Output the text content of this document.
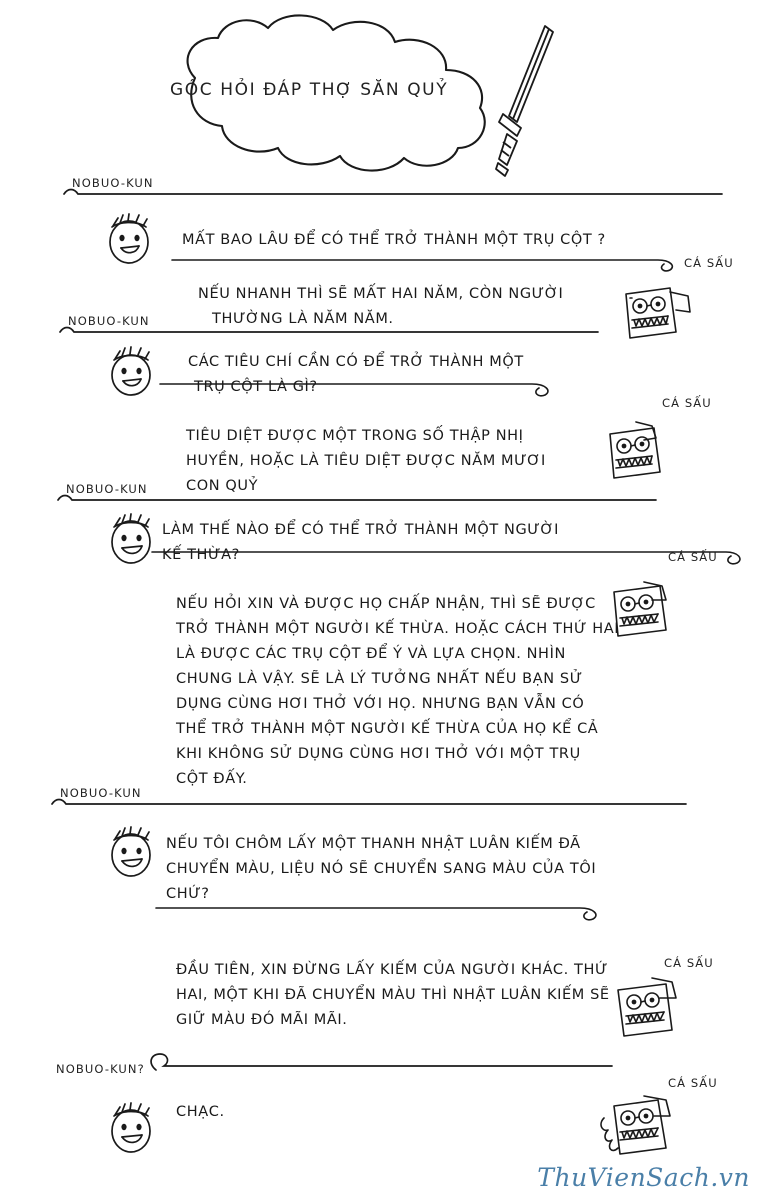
GÓC HỎI ĐÁP THỢ SĂN QUỶ
NOBUO-KUN
MẤT BAO LÂU ĐỂ CÓ THỂ TRỞ THÀNH MỘT TRỤ CỘT ?
CÁ SẤU
NẾU NHANH THÌ SẼ MẤT HAI NĂM, CÒN NGƯỜI
THƯỜNG LÀ NĂM NĂM.
NOBUO-KUN
CÁC TIÊU CHÍ CẦN CÓ ĐỂ TRỞ THÀNH MỘT
TRỤ CỘT LÀ GÌ?
CÁ SẤU
TIÊU DIỆT ĐƯỢC MỘT TRONG SỐ THẬP NHỊ
HUYỀN, HOẶC LÀ TIÊU DIỆT ĐƯỢC NĂM MƯƠI
CON QUỶ
NOBUO-KUN
LÀM THẾ NÀO ĐỂ CÓ THỂ TRỞ THÀNH MỘT NGƯỜI
KẾ THỪA?	CÁ SẤU
NẾU HỎI XIN VÀ ĐƯỢC HỌ CHẤP NHẬN, THÌ SẼ ĐƯỢC
TRỞ THÀNH MỘT NGƯỜI KẾ THỪA. HOẶC CÁCH THỨ HAI
LÀ ĐƯỢC CÁC TRỤ CỘT ĐỂ Ý VÀ LỰA CHỌN. NHÌN
CHUNG LÀ VẬY. SẼ LÀ LÝ TƯỞNG NHẤT NẾU BẠN SỬ
DỤNG CÙNG HƠI THỞ VỚI HỌ. NHƯNG BẠN VẪN CÓ
THỂ TRỞ THÀNH MỘT NGƯỜI KẾ THỪA CỦA HỌ KỂ CẢ
KHI KHÔNG SỬ DỤNG CÙNG HƠI THỞ VỚI MỘT TRỤ
CỘT ĐẤY.
NOBUO-KUN
NẾU TÔI CHÔM LẤY MỘT THANH NHẬT LUÂN KIẾM ĐÃ
CHUYỂN MÀU, LIỆU NÓ SẼ CHUYỂN SANG MÀU CỦA TÔI
CHỨ?
CÁ SẤU
ĐẦU TIÊN, XIN ĐỪNG LẤY KIẾM CỦA NGƯỜI KHÁC. THỨ
HAI, MỘT KHI ĐÃ CHUYỂN MÀU THÌ NHẬT LUÂN KIẾM SẼ
GIỮ MÀU ĐÓ MÃI MÃI.
NOBUO-KUN?
CHẠC.
CÁ SẤU
ThuVienSach.vn
